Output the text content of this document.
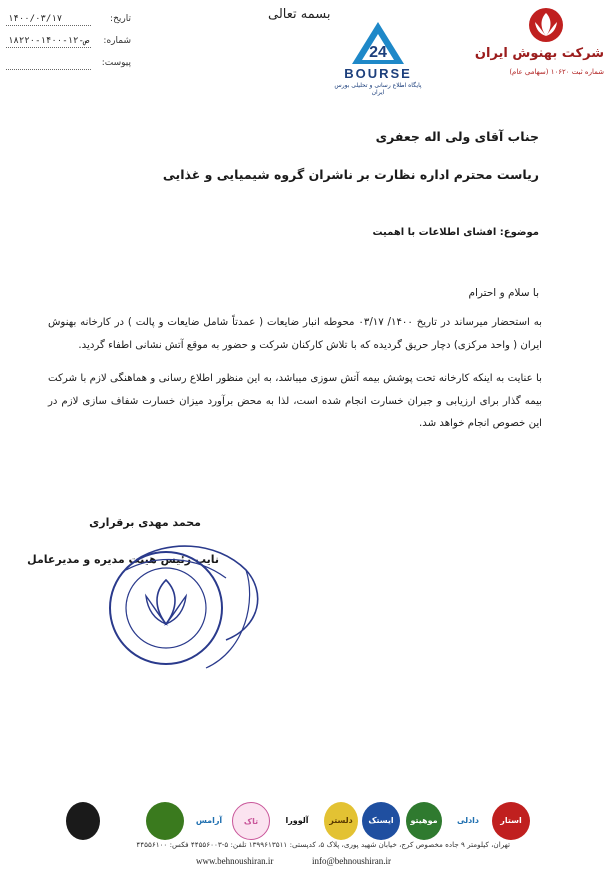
بسمه تعالی
۱۴۰۰/۰۳/۱۷	تاریخ:
۱۸۲۲۰-ص-۱۲-۱۴۰۰ شماره:
پیوست:
24
BOURSE
پایگاه اطلاع رسانی و تحلیلی بورس ایران
شرکت بهنوش ایران
شماره ثبت ۱۰۶۲۰ (سهامی عام)
جناب آقای ولی اله جعفری
ریاست محترم اداره نظارت بر ناشران گروه شیمیایی و غذایی
موضوع: افشای اطلاعات با اهمیت
با سلام و احترام
به استحضار میرساند در تاریخ ۱۴۰۰/ ۰۳/۱۷ محوطه انبار ضایعات ( عمدتاً شامل ضایعات و پالت ) در کارخانه بهنوش ایران ( واحد مرکزی) دچار حریق گردیده که با تلاش کارکنان شرکت و حضور به موقع آتش نشانی اطفاء گردید.
با عنایت به اینکه کارخانه تحت پوشش بیمه آتش سوزی میباشد، به این منظور اطلاع رسانی و هماهنگی لازم با شرکت بیمه گذار برای ارزیابی و جبران خسارت انجام شده است، لذا به محض برآورد میزان خسارت شفاف سازی لازم در این خصوص انجام خواهد شد.
محمد مهدی برقراری
نایب رئیس هیئت مدیره و مدیرعامل
استار
دادلی
موهیتو
ایستک
دلستر
آلوورا
تاک
آرامس
تهران، کیلومتر ۹ جاده مخصوص کرج، خیابان شهید پوری، پلاک ۵، کدپستی: ۱۳۹۹۶۱۳۵۱۱ تلفن: ۵-۴۴۵۵۶۰۰۳ فکس: ۴۴۵۵۶۱۰۰
www.behnoushiran.ir	info@behnoushiran.ir
